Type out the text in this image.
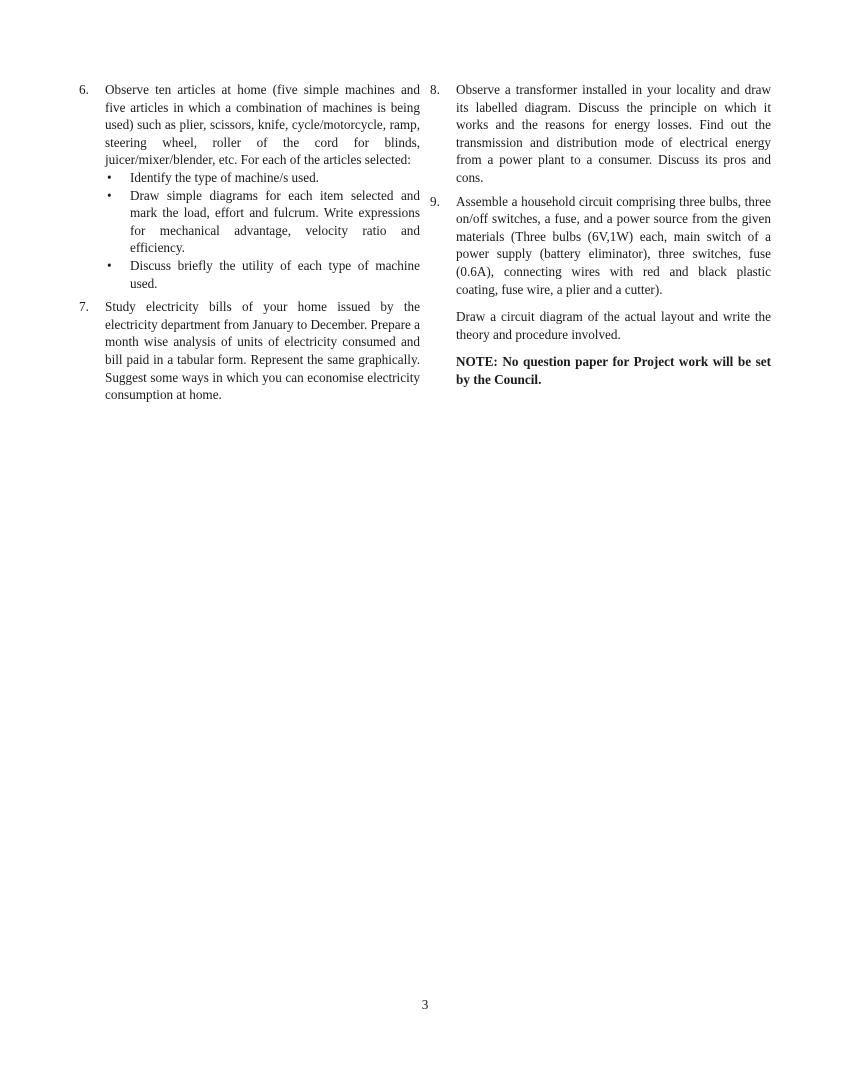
6. Observe ten articles at home (five simple machines and five articles in which a combination of machines is being used) such as plier, scissors, knife, cycle/motorcycle, ramp, steering wheel, roller of the cord for blinds, juicer/mixer/blender, etc. For each of the articles selected:

• Identify the type of machine/s used.
• Draw simple diagrams for each item selected and mark the load, effort and fulcrum. Write expressions for mechanical advantage, velocity ratio and efficiency.
• Discuss briefly the utility of each type of machine used.
7. Study electricity bills of your home issued by the electricity department from January to December. Prepare a month wise analysis of units of electricity consumed and bill paid in a tabular form. Represent the same graphically. Suggest some ways in which you can economise electricity consumption at home.

8. Observe a transformer installed in your locality and draw its labelled diagram. Discuss the principle on which it works and the reasons for energy losses. Find out the transmission and distribution mode of electrical energy from a power plant to a consumer. Discuss its pros and cons.

9. Assemble a household circuit comprising three bulbs, three on/off switches, a fuse, and a power source from the given materials (Three bulbs (6V,1W) each, main switch of a power supply (battery eliminator), three switches, fuse (0.6A), connecting wires with red and black plastic coating, fuse wire, a plier and a cutter).

Draw a circuit diagram of the actual layout and write the theory and procedure involved.

NOTE: No question paper for Project work will be set by the Council.

3
